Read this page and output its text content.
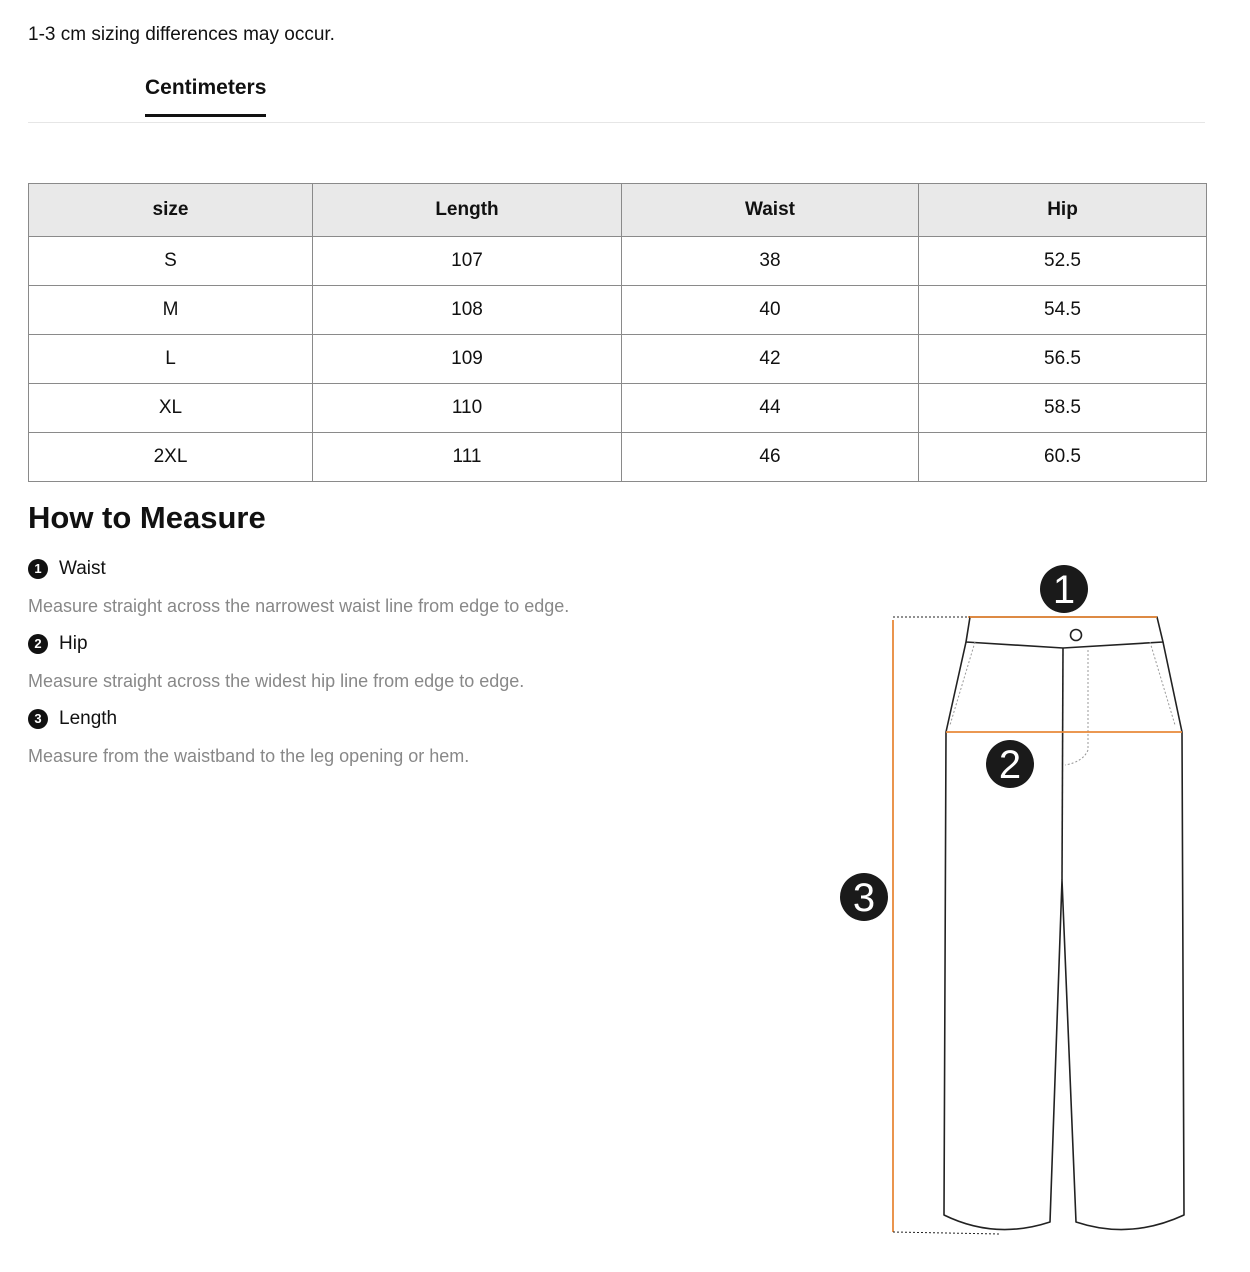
1-3 cm sizing differences may occur.
Centimeters
size	Length	Waist	Hip
S	107	38	52.5
M	108	40	54.5
L	109	42	56.5
XL	110	44	58.5
2XL	111	46	60.5
How to Measure
1 Waist
Measure straight across the narrowest waist line from edge to edge.
2 Hip
Measure straight across the widest hip line from edge to edge.
3 Length
Measure from the waistband to the leg opening or hem.
1
2
3
